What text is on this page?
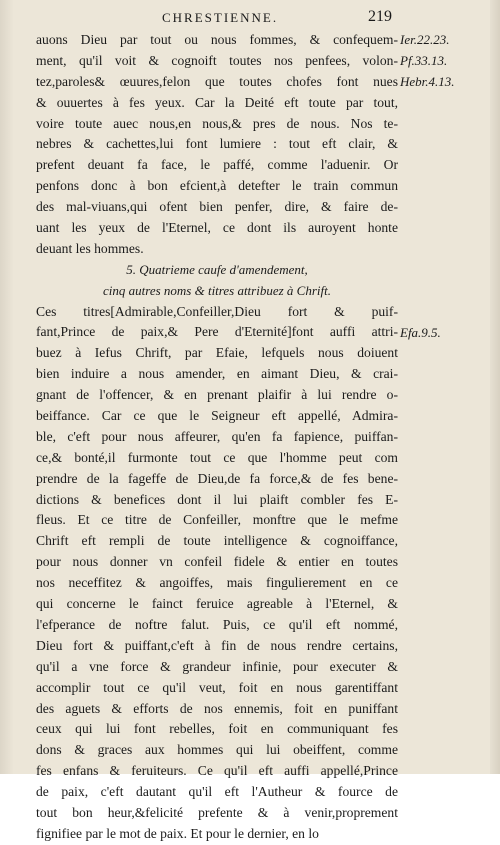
CHRESTIENNE.	219
auons Dieu par tout ou nous fommes, & confequem-
ment, qu'il voit & cognoift toutes nos penfees, volon-
tez,paroles& œuures,felon que toutes chofes font nues
& ouuertes à fes yeux. Car la Deité eft toute par tout,
voire toute auec nous,en nous,& pres de nous. Nos te-
nebres & cachettes,lui font lumiere : tout eft clair, &
prefent deuant fa face, le paffé, comme l'aduenir. Or
penfons donc à bon efcient,à detefter le train commun
des mal-viuans,qui ofent bien penfer, dire, & faire de-
uant les yeux de l'Eternel, ce dont ils auroyent honte
deuant les hommes.
5. Quatrieme caufe d'amendement,
cinq autres noms & titres attribuez à Chrift.
Ces titres[Admirable,Confeiller,Dieu fort & puif-
fant,Prince de paix,& Pere d'Eternité]font auffi attri-
buez à Iefus Chrift, par Efaie, lefquels nous doiuent
bien induire a nous amender, en aimant Dieu, & crai-
gnant de l'offencer, & en prenant plaifir à lui rendre o-
beiffance. Car ce que le Seigneur eft appellé, Admira-
ble, c'eft pour nous affeurer, qu'en fa fapience, puiffan-
ce,& bonté,il furmonte tout ce que l'homme peut com
prendre de la fageffe de Dieu,de fa force,& de fes bene-
dictions & benefices dont il lui plaift combler fes E-
fleus. Et ce titre de Confeiller, monftre que le mefme
Chrift eft rempli de toute intelligence & cognoiffance,
pour nous donner vn confeil fidele & entier en toutes
nos neceffitez & angoiffes, mais fingulierement en ce
qui concerne le fainct feruice agreable à l'Eternel, &
l'efperance de noftre falut. Puis, ce qu'il eft nommé,
Dieu fort & puiffant,c'eft à fin de nous rendre certains,
qu'il a vne force & grandeur infinie, pour executer &
accomplir tout ce qu'il veut, foit en nous garentiffant
des aguets & efforts de nos ennemis, foit en puniffant
ceux qui lui font rebelles, foit en communiquant fes
dons & graces aux hommes qui lui obeiffent, comme
fes enfans & feruiteurs. Ce qu'il eft auffi appellé,Prince
de paix, c'eft dautant qu'il eft l'Autheur & fource de
tout bon heur,&felicité prefente & à venir,proprement
fignifiee par le mot de paix. Et pour le dernier, en lo
Ier.22.23.
Pf.33.13.
Hebr.4.13.
Efa.9.5.
